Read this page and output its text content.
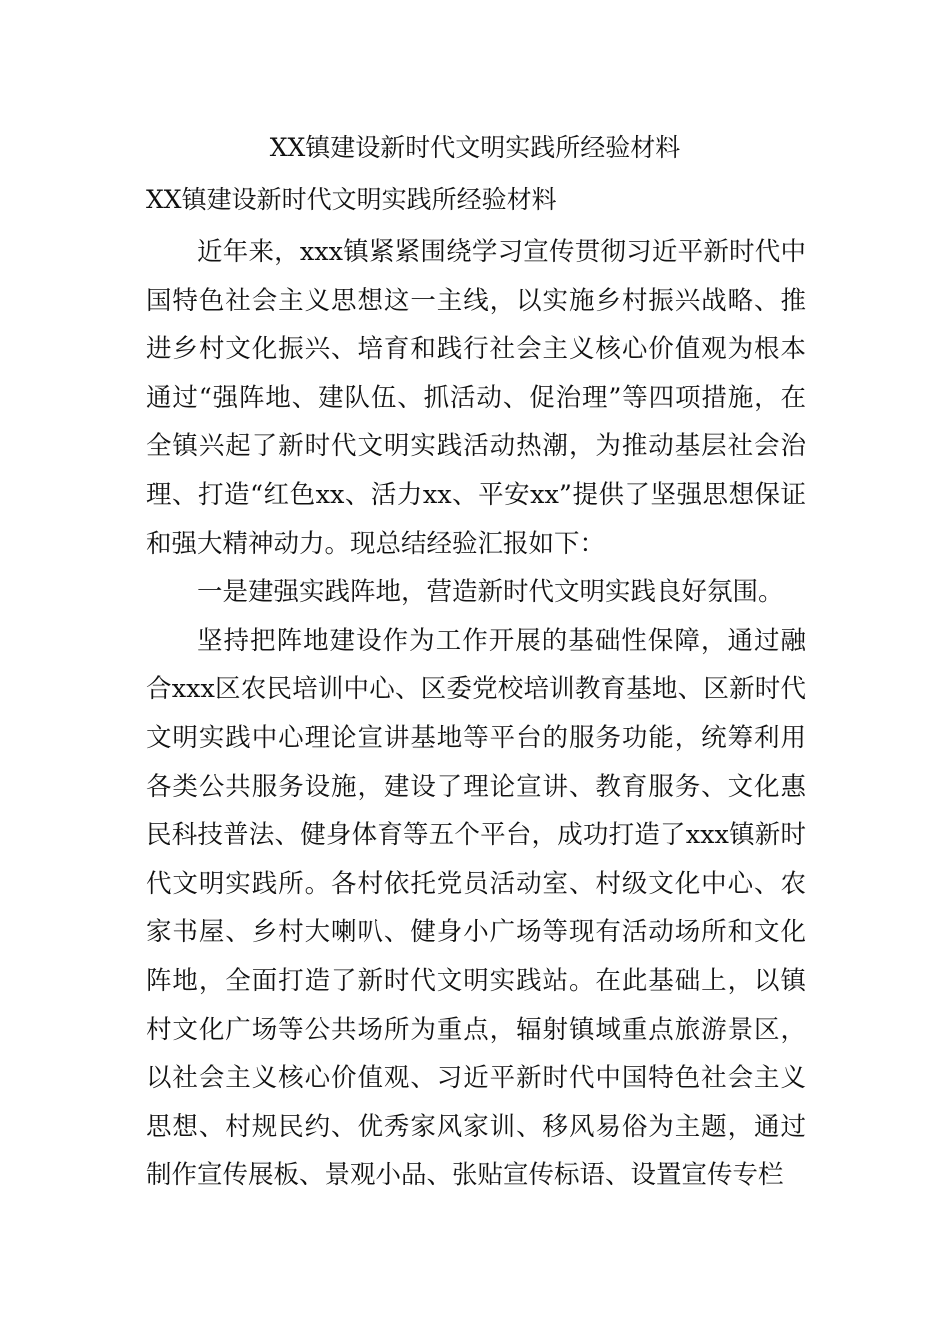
XX镇建设新时代文明实践所经验材料
XX镇建设新时代文明实践所经验材料

近年来，xxx镇紧紧围绕学习宣传贯彻习近平新时代中国特色社会主义思想这一主线，以实施乡村振兴战略、推进乡村文化振兴、培育和践行社会主义核心价值观为根本通过“强阵地、建队伍、抓活动、促治理”等四项措施，在全镇兴起了新时代文明实践活动热潮，为推动基层社会治理、打造“红色xx、活力xx、平安xx”提供了坚强思想保证和强大精神动力。现总结经验汇报如下：

一是建强实践阵地，营造新时代文明实践良好氛围。

坚持把阵地建设作为工作开展的基础性保障，通过融合xxx区农民培训中心、区委党校培训教育基地、区新时代文明实践中心理论宣讲基地等平台的服务功能，统筹利用各类公共服务设施，建设了理论宣讲、教育服务、文化惠民科技普法、健身体育等五个平台，成功打造了xxx镇新时代文明实践所。各村依托党员活动室、村级文化中心、农家书屋、乡村大喇叭、健身小广场等现有活动场所和文化阵地，全面打造了新时代文明实践站。在此基础上，以镇村文化广场等公共场所为重点，辐射镇域重点旅游景区，以社会主义核心价值观、习近平新时代中国特色社会主义思想、村规民约、优秀家风家训、移风易俗为主题，通过制作宣传展板、景观小品、张贴宣传标语、设置宣传专栏
